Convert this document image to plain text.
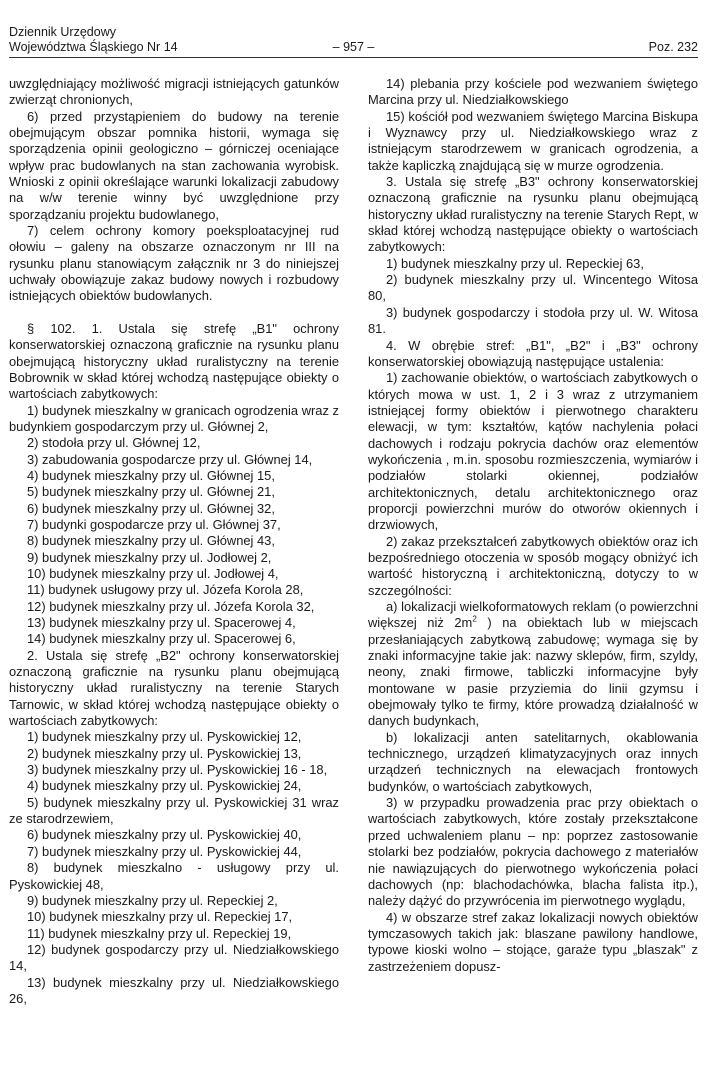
Dziennik Urzędowy
Województwa Śląskiego Nr 14	– 957 –	Poz. 232

uwzględniający możliwość migracji istniejących gatunków zwierząt chronionych,

6) przed przystąpieniem do budowy na terenie obejmującym obszar pomnika historii, wymaga się sporządzenia opinii geologiczno – górniczej oceniające wpływ prac budowlanych na stan zachowania wyrobisk. Wnioski z opinii określające warunki lokalizacji zabudowy na w/w terenie winny być uwzględnione przy sporządzaniu projektu budowlanego,

7) celem ochrony komory poeksploatacyjnej rud ołowiu – galeny na obszarze oznaczonym nr III na rysunku planu stanowiącym załącznik nr 3 do niniejszej uchwały obowiązuje zakaz budowy nowych i rozbudowy istniejących obiektów budowlanych.

§ 102. 1. Ustala się strefę „B1" ochrony konserwatorskiej oznaczoną graficznie na rysunku planu obejmującą historyczny układ ruralistyczny na terenie Bobrownik w skład której wchodzą następujące obiekty o wartościach zabytkowych:

1) budynek mieszkalny w granicach ogrodzenia wraz z budynkiem gospodarczym przy ul. Głównej 2,

2) stodoła przy ul. Głównej 12,

3) zabudowania gospodarcze przy ul. Głównej 14,

4) budynek mieszkalny przy ul. Głównej 15,

5) budynek mieszkalny przy ul. Głównej 21,

6) budynek mieszkalny przy ul. Głównej 32,

7) budynki gospodarcze przy ul. Głównej 37,

8) budynek mieszkalny przy ul. Głównej 43,

9) budynek mieszkalny przy ul. Jodłowej 2,

10) budynek mieszkalny przy ul. Jodłowej 4,

11) budynek usługowy przy ul. Józefa Korola 28,

12) budynek mieszkalny przy ul. Józefa Korola 32,

13) budynek mieszkalny przy ul. Spacerowej 4,

14) budynek mieszkalny przy ul. Spacerowej 6,

2. Ustala się strefę „B2" ochrony konserwatorskiej oznaczoną graficznie na rysunku planu obejmującą historyczny układ ruralistyczny na terenie Starych Tarnowic, w skład której wchodzą następujące obiekty o wartościach zabytkowych:

1) budynek mieszkalny przy ul. Pyskowickiej 12,

2) budynek mieszkalny przy ul. Pyskowickiej 13,

3) budynek mieszkalny przy ul. Pyskowickiej 16 - 18,

4) budynek mieszkalny przy ul. Pyskowickiej 24,

5) budynek mieszkalny przy ul. Pyskowickiej 31 wraz ze starodrzewiem,

6) budynek mieszkalny przy ul. Pyskowickiej 40,

7) budynek mieszkalny przy ul. Pyskowickiej 44,

8) budynek mieszkalno - usługowy przy ul. Pyskowickiej 48,

9) budynek mieszkalny przy ul. Repeckiej 2,

10) budynek mieszkalny przy ul. Repeckiej 17,

11) budynek mieszkalny przy ul. Repeckiej 19,

12) budynek gospodarczy przy ul. Niedziałkowskiego 14,

13) budynek mieszkalny przy ul. Niedziałkowskiego 26,

14) plebania przy kościele pod wezwaniem świętego Marcina przy ul. Niedziałkowskiego

15) kościół pod wezwaniem świętego Marcina Biskupa i Wyznawcy przy ul. Niedziałkowskiego wraz z istniejącym starodrzewem w granicach ogrodzenia, a także kapliczką znajdującą się w murze ogrodzenia.

3. Ustala się strefę „B3" ochrony konserwatorskiej oznaczoną graficznie na rysunku planu obejmującą historyczny układ ruralistyczny na terenie Starych Rept, w skład której wchodzą następujące obiekty o wartościach zabytkowych:

1) budynek mieszkalny przy ul. Repeckiej 63,

2) budynek mieszkalny przy ul. Wincentego Witosa 80,

3) budynek gospodarczy i stodoła przy ul. W. Witosa 81.

4. W obrębie stref: „B1", „B2" i „B3" ochrony konserwatorskiej obowiązują następujące ustalenia:

1) zachowanie obiektów, o wartościach zabytkowych o których mowa w ust. 1, 2 i 3 wraz z utrzymaniem istniejącej formy obiektów i pierwotnego charakteru elewacji, w tym: kształtów, kątów nachylenia połaci dachowych i rodzaju pokrycia dachów oraz elementów wykończenia , m.in. sposobu rozmieszczenia, wymiarów i podziałów stolarki okiennej, podziałów architektonicznych, detalu architektonicznego oraz proporcji powierzchni murów do otworów okiennych i drzwiowych,

2) zakaz przekształceń zabytkowych obiektów oraz ich bezpośredniego otoczenia w sposób mogący obniżyć ich wartość historyczną i architektoniczną, dotyczy to w szczególności:

a) lokalizacji wielkoformatowych reklam (o powierzchni większej niż $2m^2$ ) na obiektach lub w miejscach przesłaniających zabytkową zabudowę; wymaga się by znaki informacyjne takie jak: nazwy sklepów, firm, szyldy, neony, znaki firmowe, tabliczki informacyjne były montowane w pasie przyziemia do linii gzymsu i obejmowały tylko te firmy, które prowadzą działalność w danych budynkach,

b) lokalizacji anten satelitarnych, okablowania technicznego, urządzeń klimatyzacyjnych oraz innych urządzeń technicznych na elewacjach frontowych budynków, o wartościach zabytkowych,

3) w przypadku prowadzenia prac przy obiektach o wartościach zabytkowych, które zostały przekształcone przed uchwaleniem planu – np: poprzez zastosowanie stolarki bez podziałów, pokrycia dachowego z materiałów nie nawiązujących do pierwotnego wykończenia połaci dachowych (np: blachodachówka, blacha falista itp.), należy dążyć do przywrócenia im pierwotnego wyglądu,

4) w obszarze stref zakaz lokalizacji nowych obiektów tymczasowych takich jak: blaszane pawilony handlowe, typowe kioski wolno – stojące, garaże typu „blaszak" z zastrzeżeniem dopusz-
